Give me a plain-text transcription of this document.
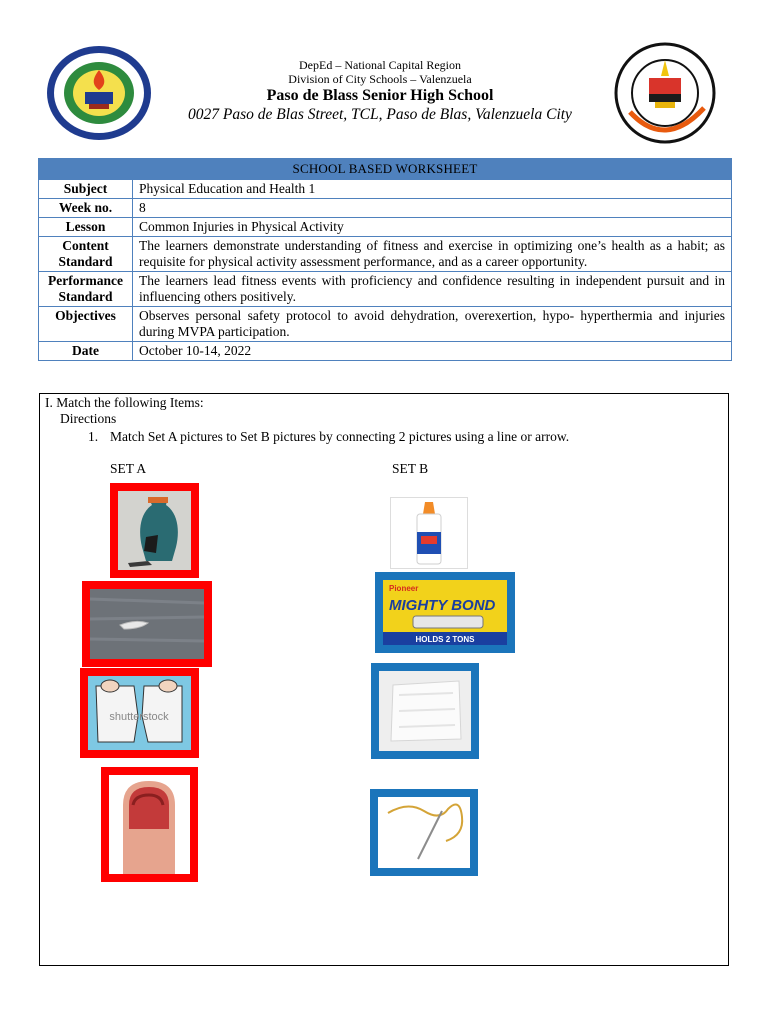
DepEd – National Capital Region
Division of City Schools – Valenzuela
Paso de Blass Senior High School
0027 Paso de Blas Street, TCL, Paso de Blas, Valenzuela City
SCHOOL BASED WORKSHEET	
Subject	Physical Education and Health 1
Week no.	8
Lesson	Common Injuries in Physical Activity
Content Standard	The learners demonstrate understanding of fitness and exercise in optimizing one’s health as a habit; as requisite for physical activity assessment performance, and as a career opportunity.
Performance Standard	The learners lead fitness events with proficiency and confidence resulting in independent pursuit and in influencing others positively.
Objectives	Observes personal safety protocol to avoid dehydration, overexertion, hypo- hyperthermia and injuries during MVPA participation.
Date	October 10-14, 2022
I. Match the following Items:
Directions
1. Match Set A pictures to Set B pictures by connecting 2 pictures using a line or arrow.
SET A	SET B
shutterstock
Pioneer
MIGHTY BOND
HOLDS 2 TONS
